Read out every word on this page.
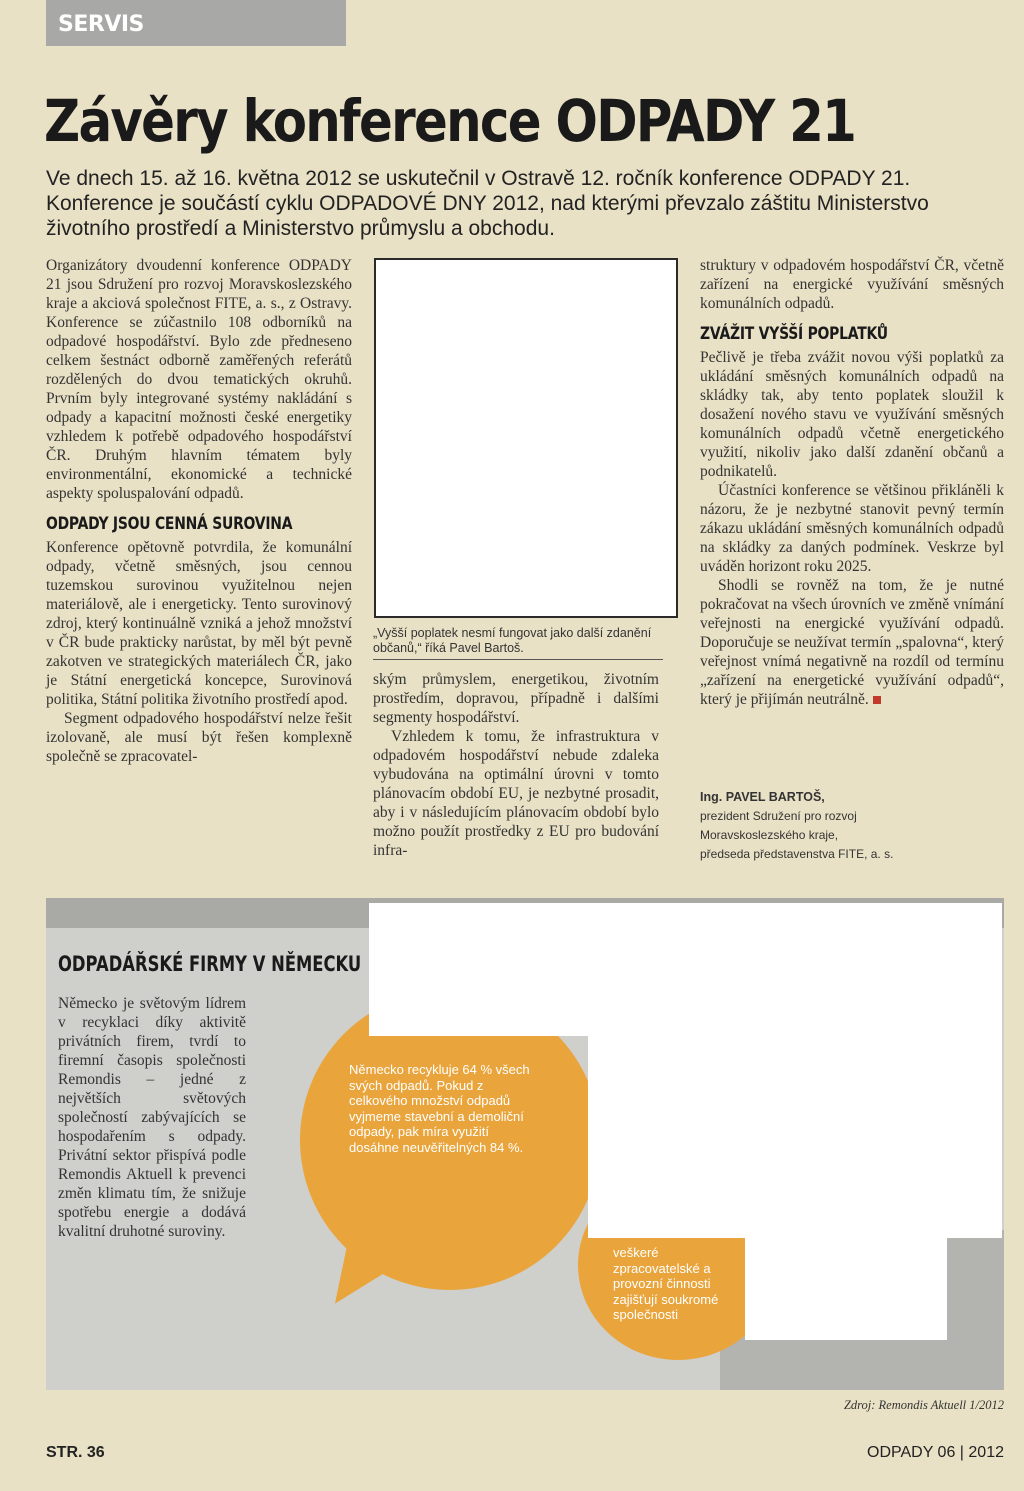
SERVIS
Závěry konference ODPADY 21

Ve dnech 15. až 16. května 2012 se uskutečnil v Ostravě 12. ročník konference ODPADY 21. Konference je součástí cyklu ODPADOVÉ DNY 2012, nad kterými převzalo záštitu Ministerstvo životního prostředí a Ministerstvo průmyslu a obchodu.

Organizátory dvoudenní konference ODPADY 21 jsou Sdružení pro rozvoj Moravskoslezského kraje a akciová společnost FITE, a. s., z Ostravy. Konference se zúčastnilo 108 odborníků na odpadové hospodářství. Bylo zde předneseno celkem šestnáct odborně zaměřených referátů rozdělených do dvou tematických okruhů. Prvním byly integrované systémy nakládání s odpady a kapacitní možnosti české energetiky vzhledem k potřebě odpadového hospodářství ČR. Druhým hlavním tématem byly environmentální, ekonomické a technické aspekty spoluspalování odpadů.

ODPADY JSOU CENNÁ SUROVINA

Konference opětovně potvrdila, že komunální odpady, včetně směsných, jsou cennou tuzemskou surovinou využitelnou nejen materiálově, ale i energeticky. Tento surovinový zdroj, který kontinuálně vzniká a jehož množství v ČR bude prakticky narůstat, by měl být pevně zakotven ve strategických materiálech ČR, jako je Státní energetická koncepce, Surovinová politika, Státní politika životního prostředí apod.

Segment odpadového hospodářství nelze řešit izolovaně, ale musí být řešen komplexně společně se zpracovatel-

„Vyšší poplatek nesmí fungovat jako další zdanění občanů,“ říká Pavel Bartoš.

ským průmyslem, energetikou, životním prostředím, dopravou, případně i dalšími segmenty hospodářství.

Vzhledem k tomu, že infrastruktura v odpadovém hospodářství nebude zdaleka vybudována na optimální úrovni v tomto plánovacím období EU, je nezbytné prosadit, aby i v následujícím plánovacím období bylo možno použít prostředky z EU pro budování infra-

struktury v odpadovém hospodářství ČR, včetně zařízení na energické využívání směsných komunálních odpadů.

ZVÁŽIT VYŠŠÍ POPLATKŮ

Pečlivě je třeba zvážit novou výši poplatků za ukládání směsných komunálních odpadů na skládky tak, aby tento poplatek sloužil k dosažení nového stavu ve využívání směsných komunálních odpadů včetně energetického využití, nikoliv jako další zdanění občanů a podnikatelů.

Účastníci konference se většinou přikláněli k názoru, že je nezbytné stanovit pevný termín zákazu ukládání směsných komunálních odpadů na skládky za daných podmínek. Veskrze byl uváděn horizont roku 2025.

Shodli se rovněž na tom, že je nutné pokračovat na všech úrovních ve změně vnímání veřejnosti na energické využívání odpadů. Doporučuje se neužívat termín „spalovna“, který veřejnost vnímá negativně na rozdíl od termínu „zařízení na energetické využívání odpadů“, který je přijímán neutrálně.

Ing. PAVEL BARTOŠ,
prezident Sdružení pro rozvoj
Moravskoslezského kraje,
předseda představenstva FITE, a. s.
ODPADÁŘSKÉ FIRMY V NĚMECKU

Německo je světovým lídrem v recyklaci díky aktivitě privátních firem, tvrdí to firemní časopis společnosti Remondis – jedné z největších světových společností zabývajících se hospodařením s odpady. Privátní sektor přispívá podle Remondis Aktuell k prevenci změn klimatu tím, že snižuje spotřebu energie a dodává kvalitní druhotné suroviny.

Německo recykluje 64 % všech svých odpadů. Pokud z celkového množství odpadů vyjmeme stavební a demoliční odpady, pak míra využití dosáhne neuvěřitelných 84 %.
veškeré zpracovatelské a provozní činnosti zajišťují soukromé společnosti
Zdroj: Remondis Aktuell 1/2012
STR. 36	ODPADY 06 | 2012
